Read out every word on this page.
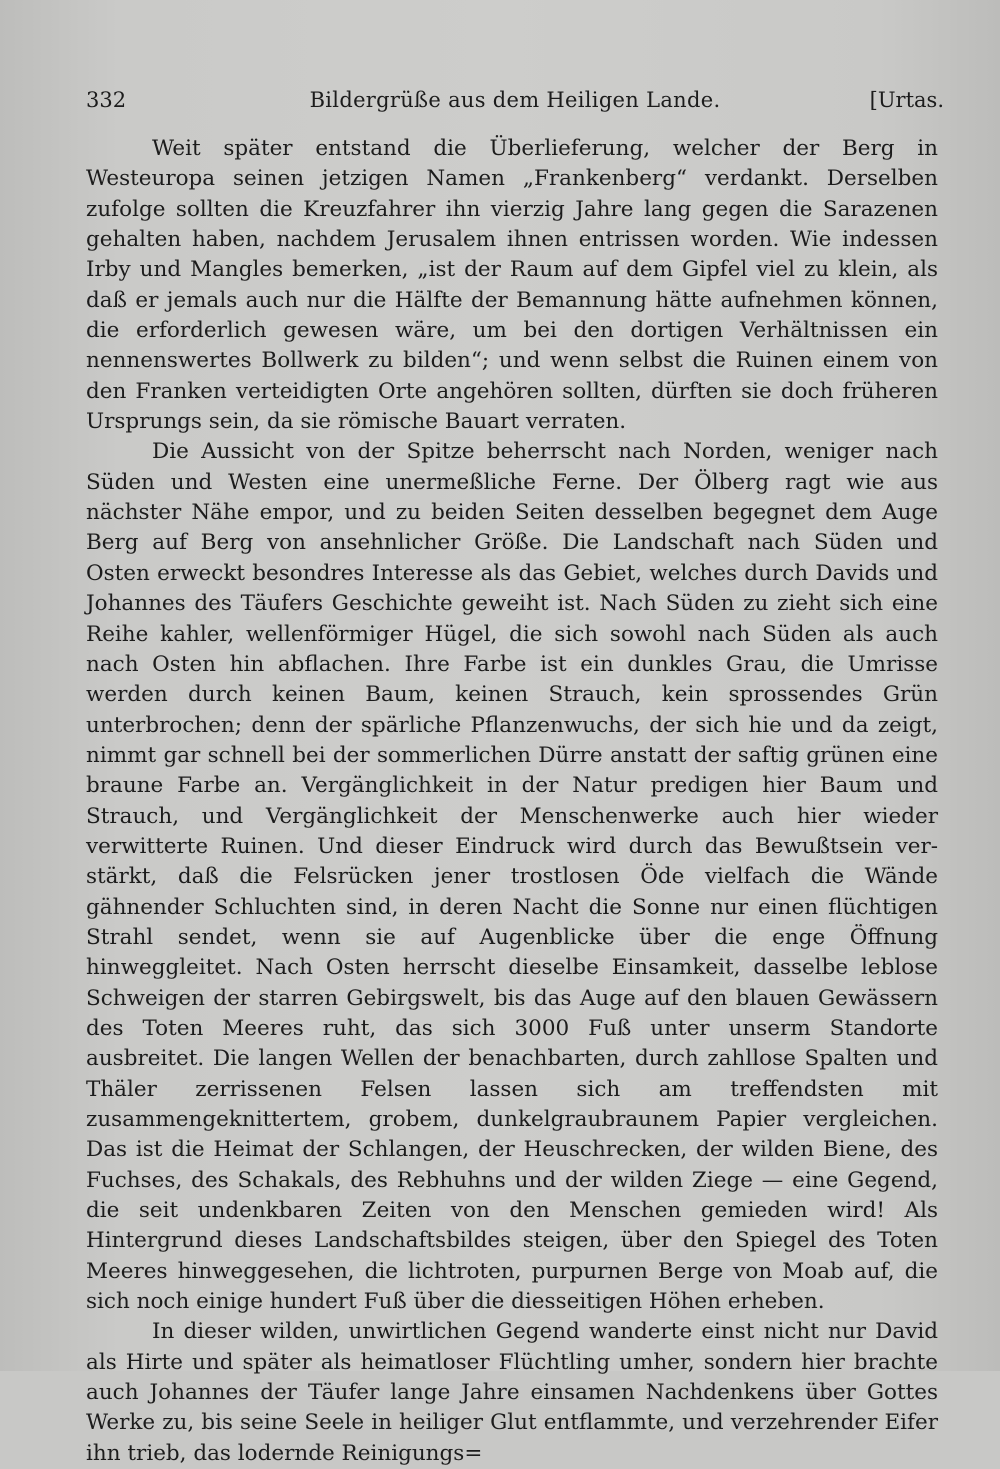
332	Bildergrüße aus dem Heiligen Lande.	[Urtas.

Weit später entstand die Überlieferung, welcher der Berg in Westeuropa seinen jetzigen Namen „Frankenberg“ verdankt. Derselben zufolge sollten die Kreuzfahrer ihn vierzig Jahre lang gegen die Sarazenen gehalten haben, nachdem Jerusalem ihnen entrissen worden. Wie indessen Irby und Mangles bemerken, „ist der Raum auf dem Gipfel viel zu klein, als daß er jemals auch nur die Hälfte der Bemannung hätte aufnehmen können, die erforderlich gewesen wäre, um bei den dortigen Verhältnissen ein nennenswertes Bollwerk zu bilden“; und wenn selbst die Ruinen einem von den Franken verteidigten Orte angehören sollten, dürften sie doch früheren Ursprungs sein, da sie römische Bauart verraten.

Die Aussicht von der Spitze beherrscht nach Norden, weniger nach Süden und Westen eine unermeßliche Ferne. Der Ölberg ragt wie aus nächster Nähe empor, und zu beiden Seiten desselben begegnet dem Auge Berg auf Berg von ansehnlicher Größe. Die Landschaft nach Süden und Osten erweckt besondres Interesse als das Gebiet, welches durch Davids und Johannes des Täufers Geschichte geweiht ist. Nach Süden zu zieht sich eine Reihe kahler, wellenförmiger Hügel, die sich sowohl nach Süden als auch nach Osten hin abflachen. Ihre Farbe ist ein dunkles Grau, die Umrisse werden durch keinen Baum, keinen Strauch, kein sprossendes Grün unterbrochen; denn der spärliche Pflanzenwuchs, der sich hie und da zeigt, nimmt gar schnell bei der sommerlichen Dürre anstatt der saftig grünen eine braune Farbe an. Vergänglichkeit in der Natur predigen hier Baum und Strauch, und Vergänglichkeit der Menschenwerke auch hier wieder verwitterte Ruinen. Und dieser Eindruck wird durch das Bewußtsein verstärkt, daß die Felsrücken jener trostlosen Öde vielfach die Wände gähnender Schluchten sind, in deren Nacht die Sonne nur einen flüchtigen Strahl sendet, wenn sie auf Augenblicke über die enge Öffnung hinweggleitet. Nach Osten herrscht dieselbe Einsamkeit, dasselbe leblose Schweigen der starren Gebirgswelt, bis das Auge auf den blauen Gewässern des Toten Meeres ruht, das sich 3000 Fuß unter unserm Standorte ausbreitet. Die langen Wellen der benachbarten, durch zahllose Spalten und Thäler zerrissenen Felsen lassen sich am treffendsten mit zusammengeknittertem, grobem, dunkelgraubraunem Papier vergleichen. Das ist die Heimat der Schlangen, der Heuschrecken, der wilden Biene, des Fuchses, des Schakals, des Rebhuhns und der wilden Ziege — eine Gegend, die seit undenkbaren Zeiten von den Menschen gemieden wird! Als Hintergrund dieses Landschaftsbildes steigen, über den Spiegel des Toten Meeres hinweggesehen, die lichtroten, purpurnen Berge von Moab auf, die sich noch einige hundert Fuß über die diesseitigen Höhen erheben.

In dieser wilden, unwirtlichen Gegend wanderte einst nicht nur David als Hirte und später als heimatloser Flüchtling umher, sondern hier brachte auch Johannes der Täufer lange Jahre einsamen Nachdenkens über Gottes Werke zu, bis seine Seele in heiliger Glut entflammte, und verzehrender Eifer ihn trieb, das lodernde Reinigungs=
